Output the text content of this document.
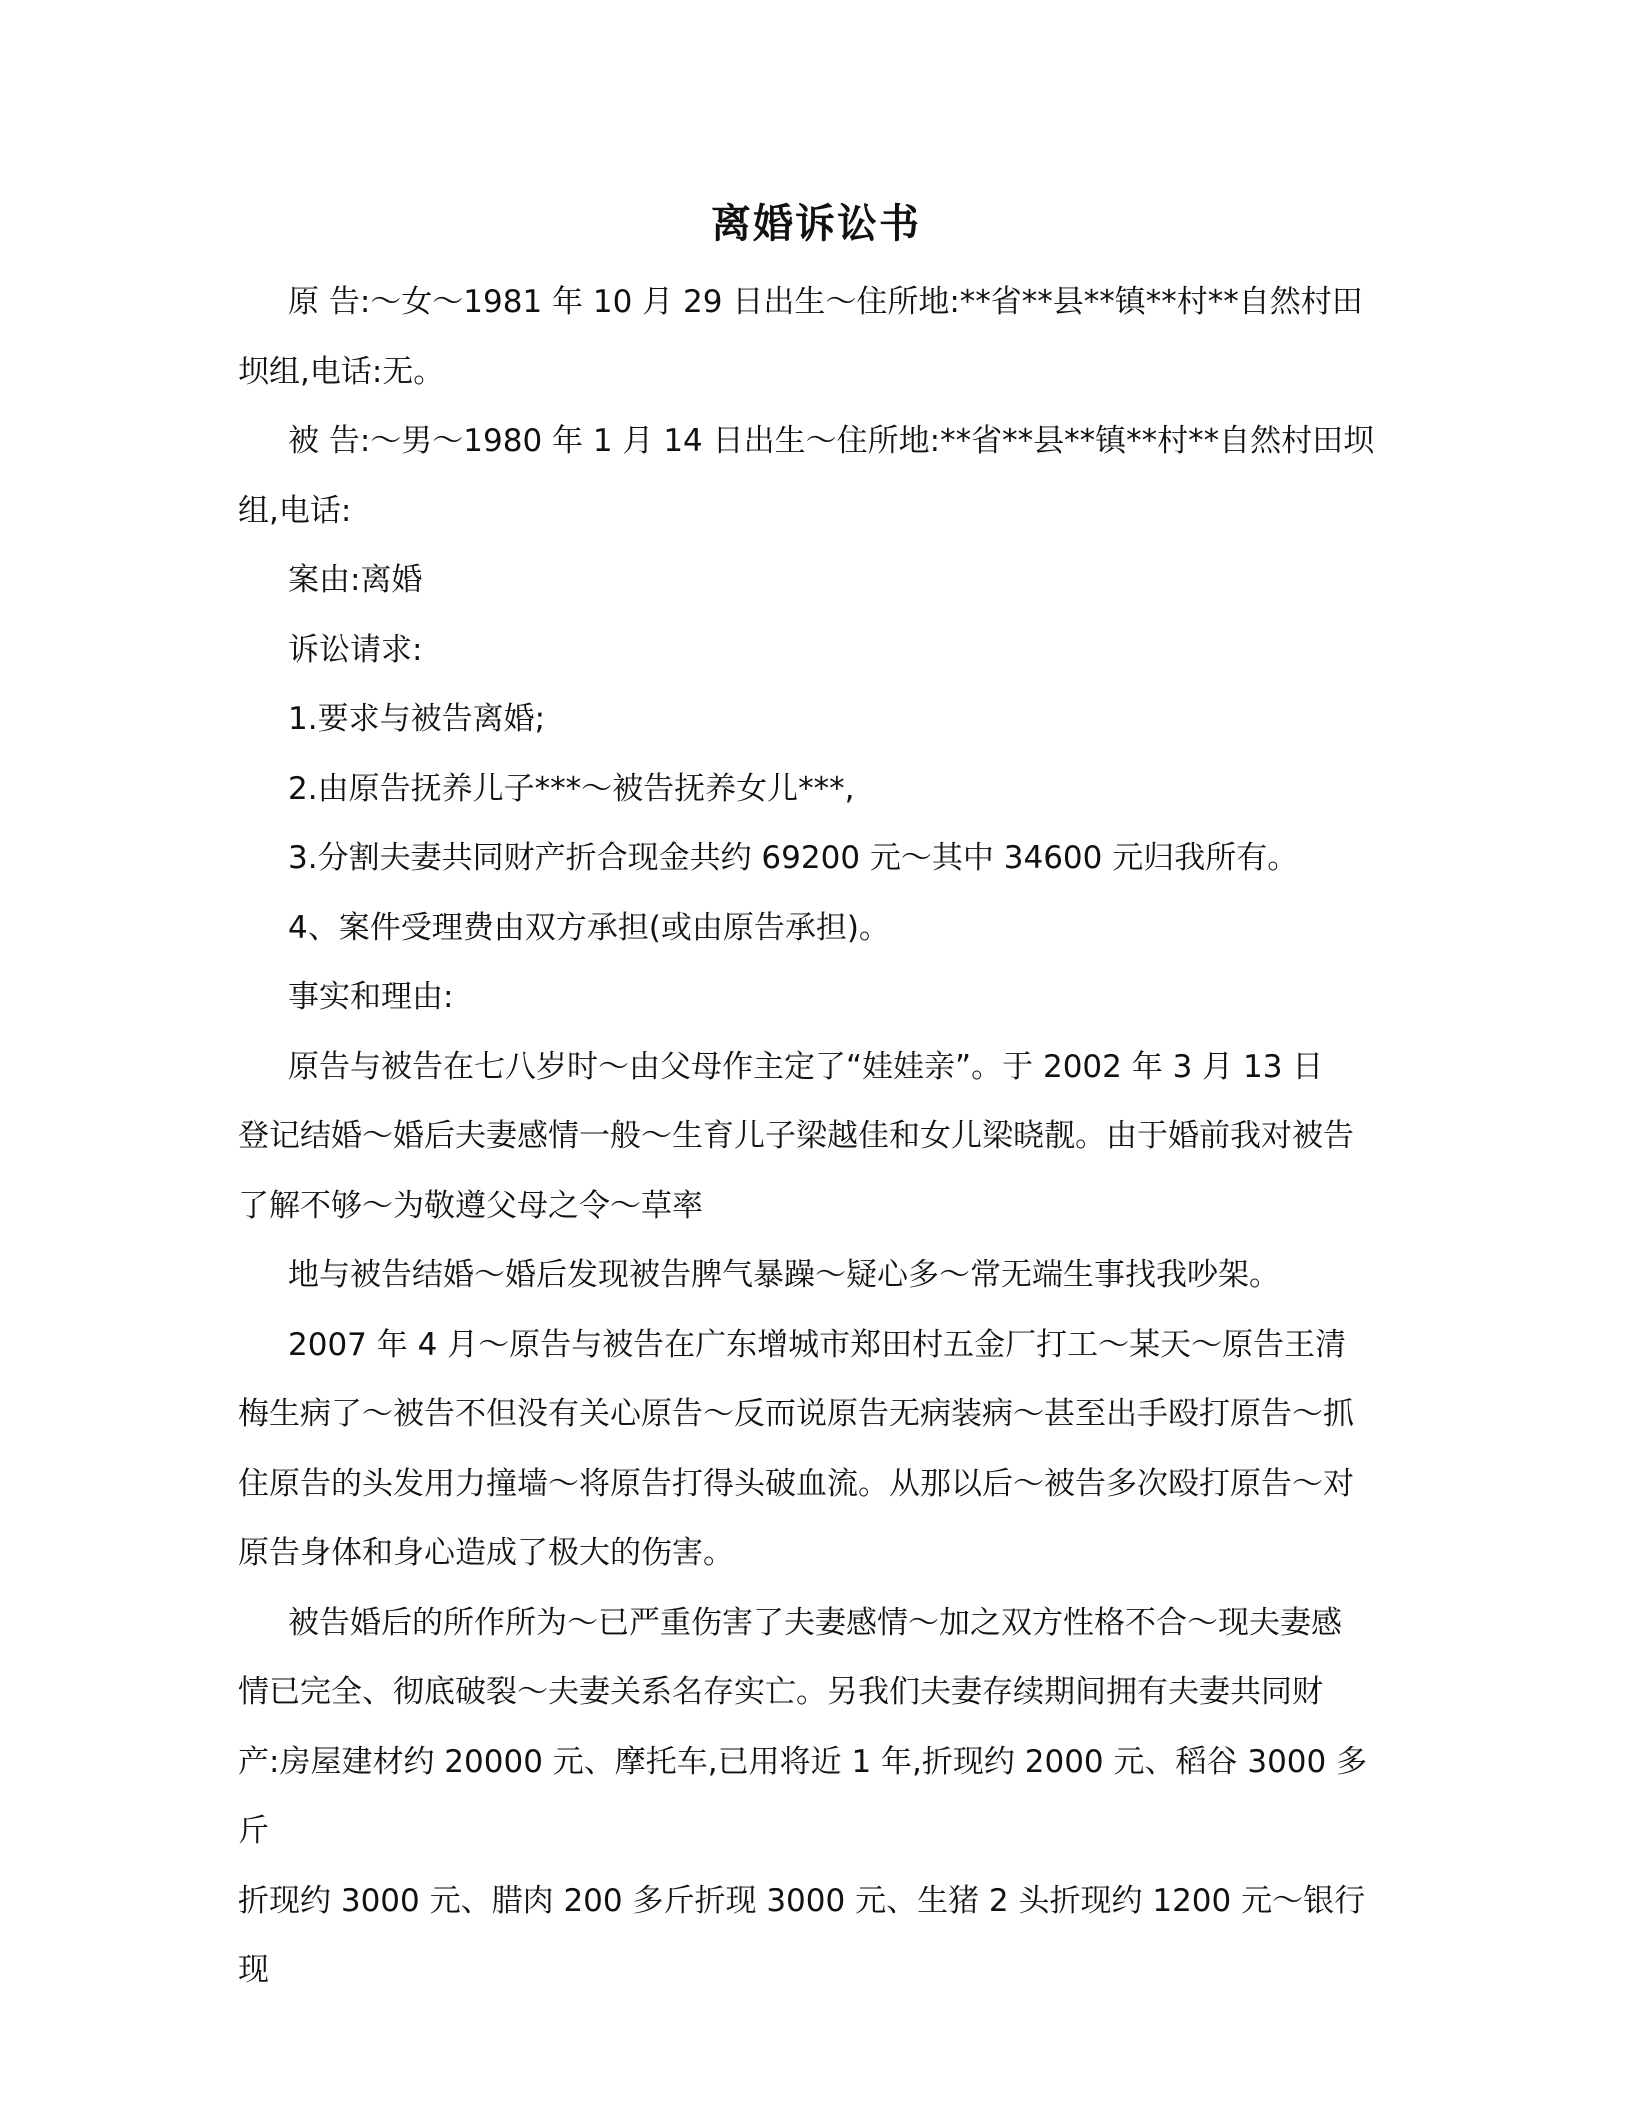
离婚诉讼书

原 告:～女～1981 年 10 月 29 日出生～住所地:**省**县**镇**村**自然村田
坝组,电话:无。

被 告:～男～1980 年 1 月 14 日出生～住所地:**省**县**镇**村**自然村田坝
组,电话:

案由:离婚

诉讼请求:

1.要求与被告离婚;

2.由原告抚养儿子***～被告抚养女儿***,

3.分割夫妻共同财产折合现金共约 69200 元～其中 34600 元归我所有。

4、案件受理费由双方承担(或由原告承担)。

事实和理由:

原告与被告在七八岁时～由父母作主定了“娃娃亲”。于 2002 年 3 月 13 日
登记结婚～婚后夫妻感情一般～生育儿子梁越佳和女儿梁晓靓。由于婚前我对被告
了解不够～为敬遵父母之令～草率

地与被告结婚～婚后发现被告脾气暴躁～疑心多～常无端生事找我吵架。

2007 年 4 月～原告与被告在广东增城市郑田村五金厂打工～某天～原告王清
梅生病了～被告不但没有关心原告～反而说原告无病装病～甚至出手殴打原告～抓
住原告的头发用力撞墙～将原告打得头破血流。从那以后～被告多次殴打原告～对
原告身体和身心造成了极大的伤害。

被告婚后的所作所为～已严重伤害了夫妻感情～加之双方性格不合～现夫妻感
情已完全、彻底破裂～夫妻关系名存实亡。另我们夫妻存续期间拥有夫妻共同财
产:房屋建材约 20000 元、摩托车,已用将近 1 年,折现约 2000 元、稻谷 3000 多斤
折现约 3000 元、腊肉 200 多斤折现 3000 元、生猪 2 头折现约 1200 元～银行现
